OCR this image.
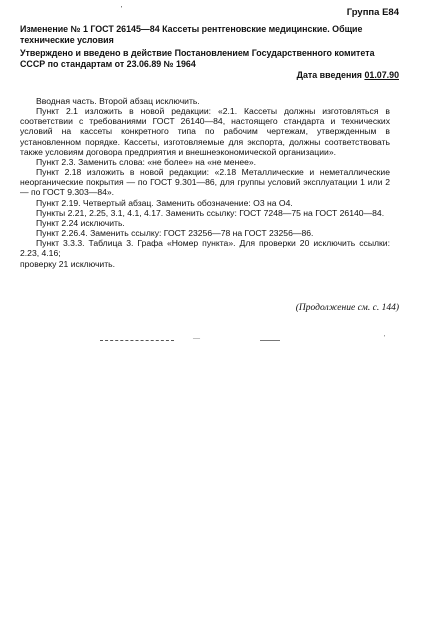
'	Группа Е84
Изменение № 1 ГОСТ 26145—84 Кассеты рентгеновские медицинские. Общие технические условия
Утверждено и введено в действие Постановлением Государственного комитета СССР по стандартам от 23.06.89 № 1964
Дата введения 01.07.90

Вводная часть. Второй абзац исключить.

Пункт 2.1 изложить в новой редакции: «2.1. Кассеты должны изготовляться в соответствии с требованиями ГОСТ 26140—84, настоящего стандарта и технических условий на кассеты конкретного типа по рабочим чертежам, утвержденным в установленном порядке. Кассеты, изготовляемые для экспорта, должны соответствовать также условиям договора предприятия и внешнеэкономической организации».

Пункт 2.3. Заменить слова: «не более» на «не менее».

Пункт 2.18 изложить в новой редакции: «2.18 Металлические и неметаллические неорганические покрытия — по ГОСТ 9.301—86, для группы условий эксплуатации 1 или 2 — по ГОСТ 9.303—84».

Пункт 2.19. Четвертый абзац. Заменить обозначение: О3 на О4.

Пункты 2.21, 2.25, 3.1, 4.1, 4.17. Заменить ссылку: ГОСТ 7248—75 на ГОСТ 26140—84.

Пункт 2.24 исключить.

Пункт 2.26.4. Заменить ссылку: ГОСТ 23256—78 на ГОСТ 23256—86.

Пункт 3.3.3. Таблица 3. Графа «Номер пункта». Для проверки 20 исключить ссылки: 2.23, 4.16;

проверку 21 исключить.

(Продолжение см. с. 144)
—	'
